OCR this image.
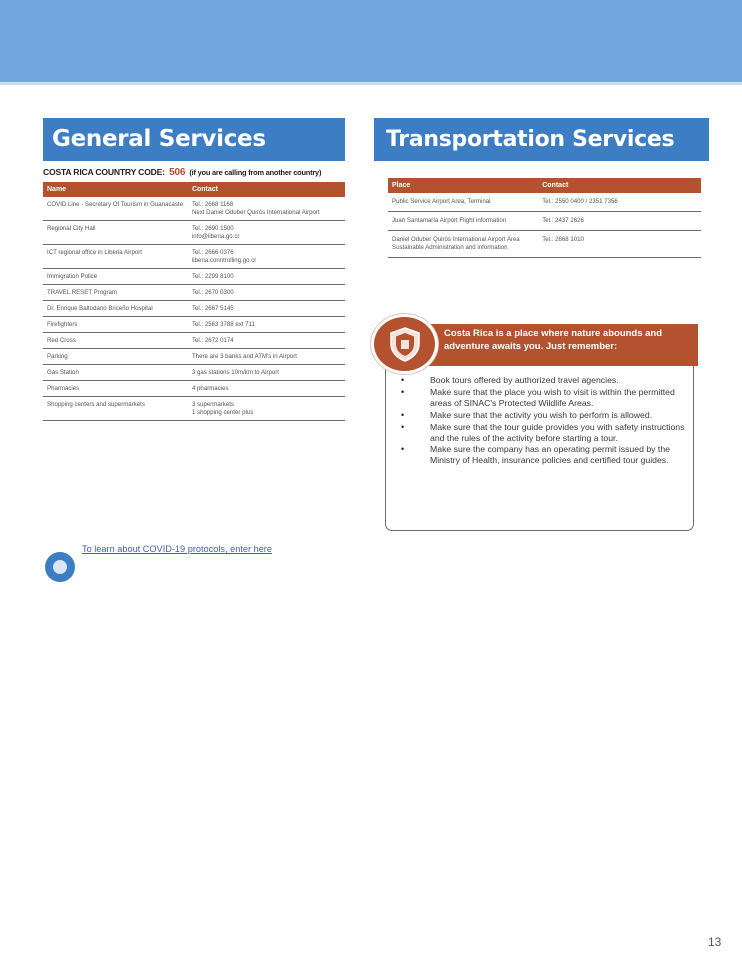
General Services
COSTA RICA COUNTRY CODE: 506 (if you are calling from another country)
Name	Contact
COVID Line - Secretary Of Tourism in Guanacaste	Tel.: 2668 1168
Next Daniel Oduber Quirós International Airport
Regional City Hall	Tel.: 2690 1500
info@liberia.go.cr
ICT regional office in Liberia Airport	Tel.: 2666 0376
liberia.conntrolling.go.cr
Immigration Police	Tel.: 2299 8100
TRAVEL RESET Program	Tel.: 2670 0300
Dr. Enrique Baltodano Briceño Hospital	Tel.: 2667 5145
Firefighters	Tel.: 2563 3788 ext 711
Red Cross	Tel.: 2672 0174
Parking	There are 3 banks and ATM's in Airport
Gas Station	3 gas stations 10m/km to Airport
Pharmacies	4 pharmacies
Shopping centers and supermarkets	3 supermarkets
1 shopping center plus
Transportation Services
Place	Contact
Public Service Airport Area, Terminal	Tel.: 2550 0400 / 2351 7356
Juan Santamaría Airport Flight information	Tel.: 2437 2626
Daniel Oduber Quirós International Airport Area Sustainable Administration and information	Tel.: 2668 1010
Costa Rica is a place where nature abounds and adventure awaits you. Just remember:
• Book tours offered by authorized travel agencies.
• Make sure that the place you wish to visit is within the permitted areas of SINAC's Protected Wildlife Areas.
• Make sure that the activity you wish to perform is allowed.
• Make sure that the tour guide provides you with safety instructions and the rules of the activity before starting a tour.
• Make sure the company has an operating permit issued by the Ministry of Health, insurance policies and certified tour guides.
To learn about COVID-19 protocols, enter here
13
